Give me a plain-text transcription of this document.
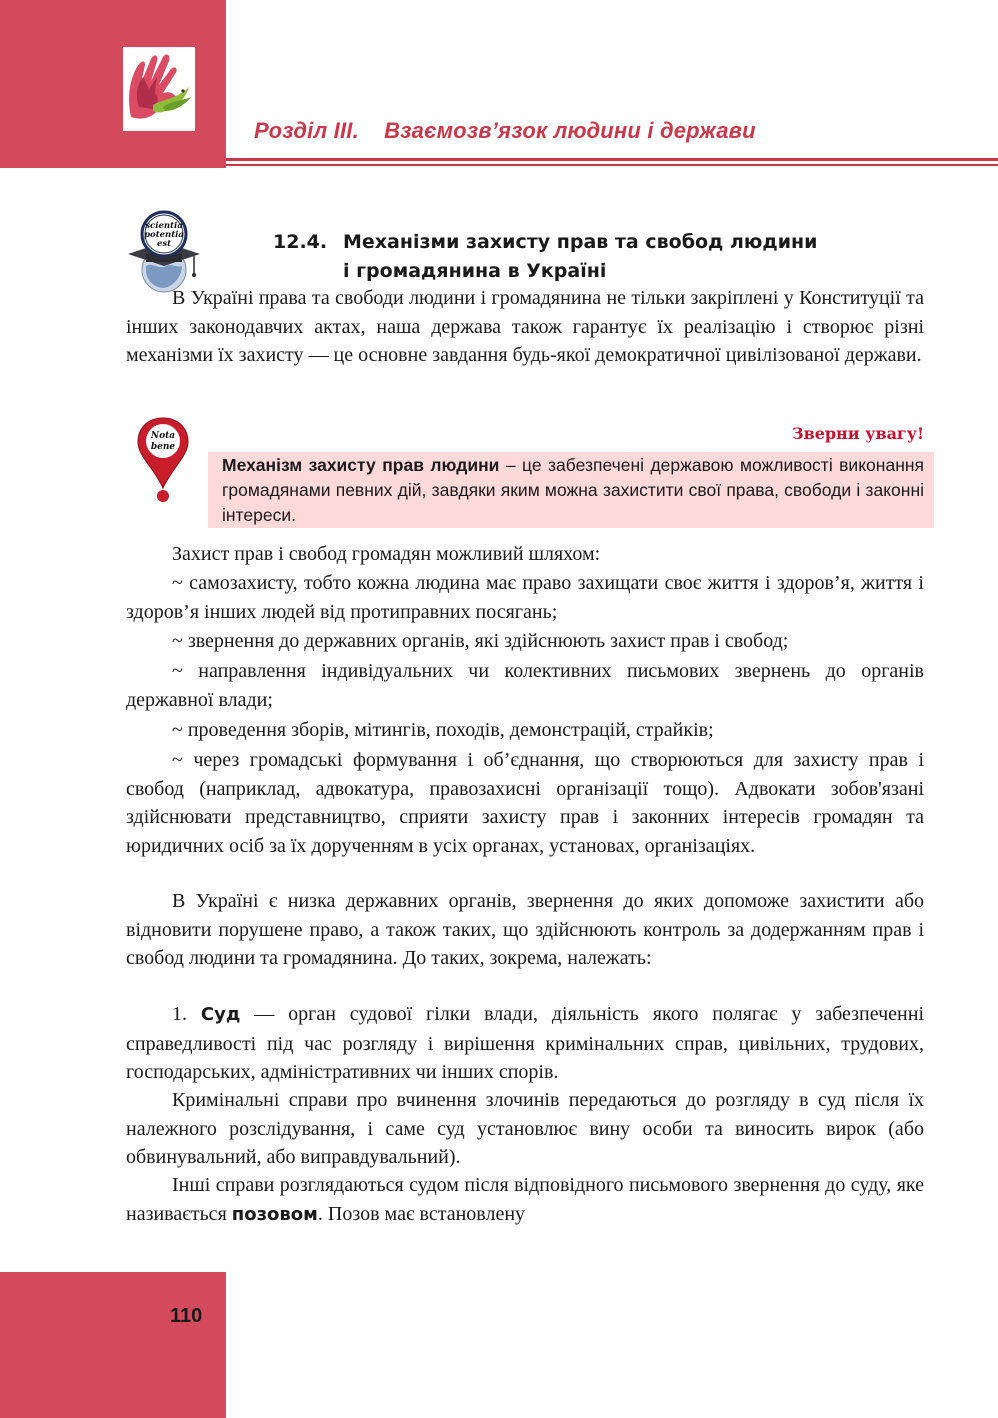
Розділ ІІІ.    Взаємозв’язок людини і держави
scientia
potentia
est	12.4. Механізми захисту прав та свобод людини
і громадянина в Україні

В Україні права та свободи людини і громадянина не тільки закріплені у Конституції та інших законодавчих актах, наша держава також гарантує їх реалізацію і створює різні механізми їх захисту — це основне завдання будь-якої демократичної цивілізованої держави.

Nota
bene
Зверни увагу!

Механізм захисту прав людини – це забезпечені державою можливості виконання громадянами певних дій, завдяки яким можна захистити свої права, свободи і законні інтереси.

Захист прав і свобод громадян можливий шляхом:

~ самозахисту, тобто кожна людина має право захищати своє життя і здоров’я, життя і здоров’я інших людей від протиправних посягань;

~ звернення до державних органів, які здійснюють захист прав і свобод;

~ направлення індивідуальних чи колективних письмових звернень до органів державної влади;

~ проведення зборів, мітингів, походів, демонстрацій, страйків;

~ через громадські формування і об’єднання, що створюються для захисту прав і свобод (наприклад, адвокатура, правозахисні організації тощо). Адвокати зобов'язані здійснювати представництво, сприяти захисту прав і законних інтересів громадян та юридичних осіб за їх дорученням в усіх органах, установах, організаціях.

В Україні є низка державних органів, звернення до яких допоможе захистити або відновити порушене право, а також таких, що здійснюють контроль за додержанням прав і свобод людини та громадянина. До таких, зокрема, належать:

1. Суд — орган судової гілки влади, діяльність якого полягає у забезпеченні справедливості під час розгляду і вирішення кримінальних справ, цивільних, трудових, господарських, адміністративних чи інших спорів.

Кримінальні справи про вчинення злочинів передаються до розгляду в суд після їх належного розслідування, і саме суд установлює вину особи та виносить вирок (або обвинувальний, або виправдувальний).

Інші справи розглядаються судом після відповідного письмового звернення до суду, яке називається позовом. Позов має встановлену

110
